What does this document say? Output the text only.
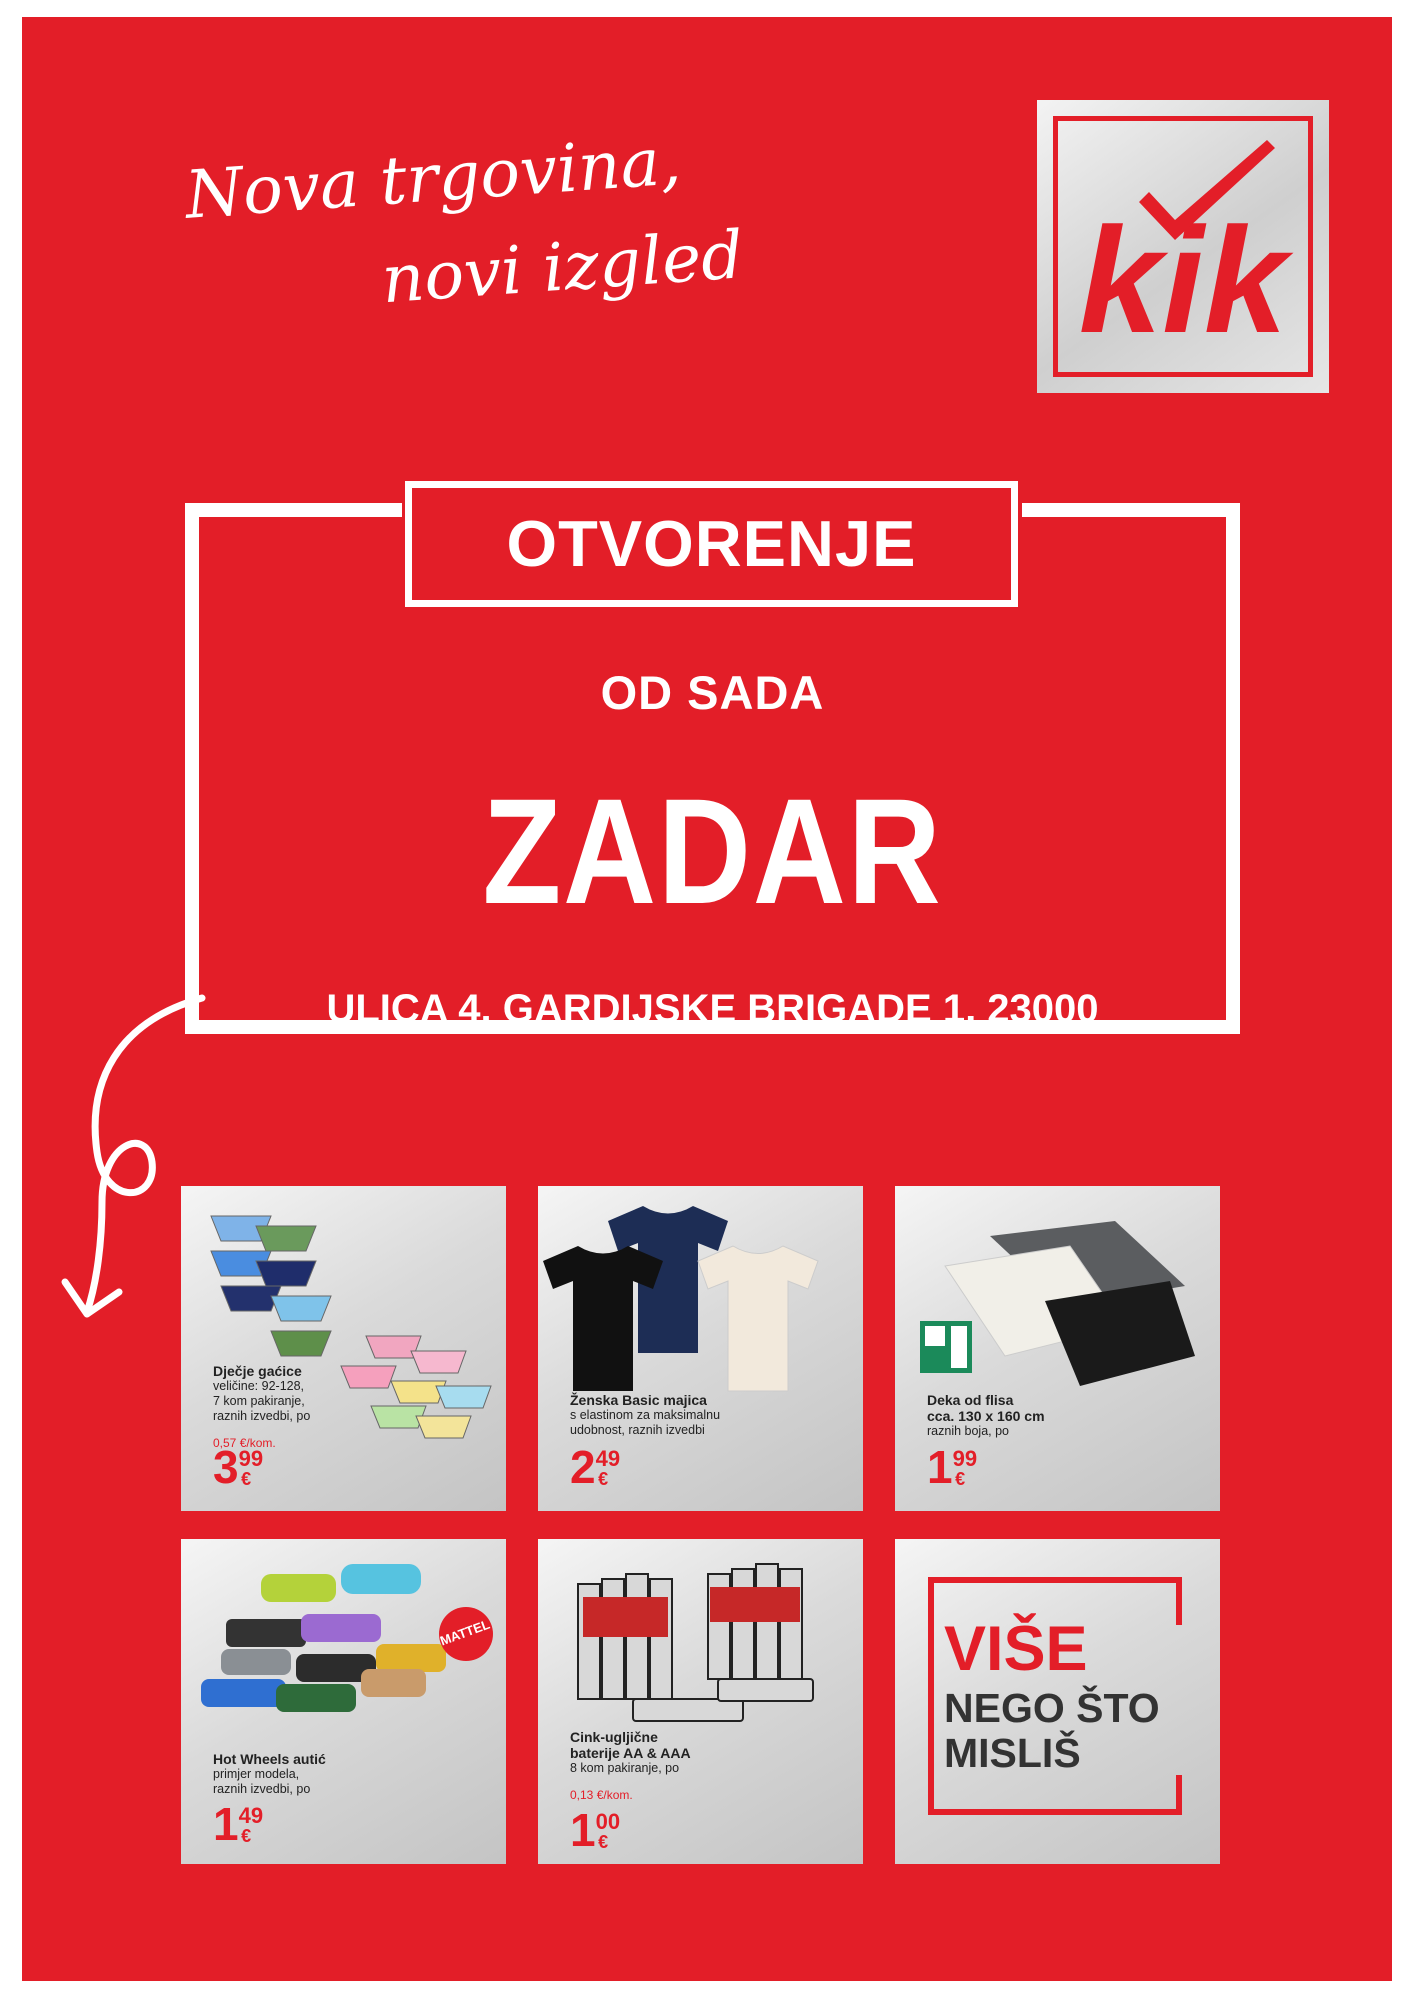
Nova trgovina,
novi izgled kik
OTVORENJE
OD SADA
ZADAR
ULICA 4. GARDIJSKE BRIGADE 1, 23000
Dječje gaćice
veličine: 92-128,
7 kom pakiranje,
raznih izvedbi, po
0,57 €/kom.
399€
Ženska Basic majica
s elastinom za maksimalnu
udobnost, raznih izvedbi
249€
Deka od flisa
cca. 130 x 160 cm
raznih boja, po
199€
MATTEL
Hot Wheels autić
primjer modela,
raznih izvedbi, po
149€
Cink-ugljične
baterije AA & AAA
8 kom pakiranje, po
0,13 €/kom.
100€
VIŠE
NEGO ŠTO
MISLIŠ
